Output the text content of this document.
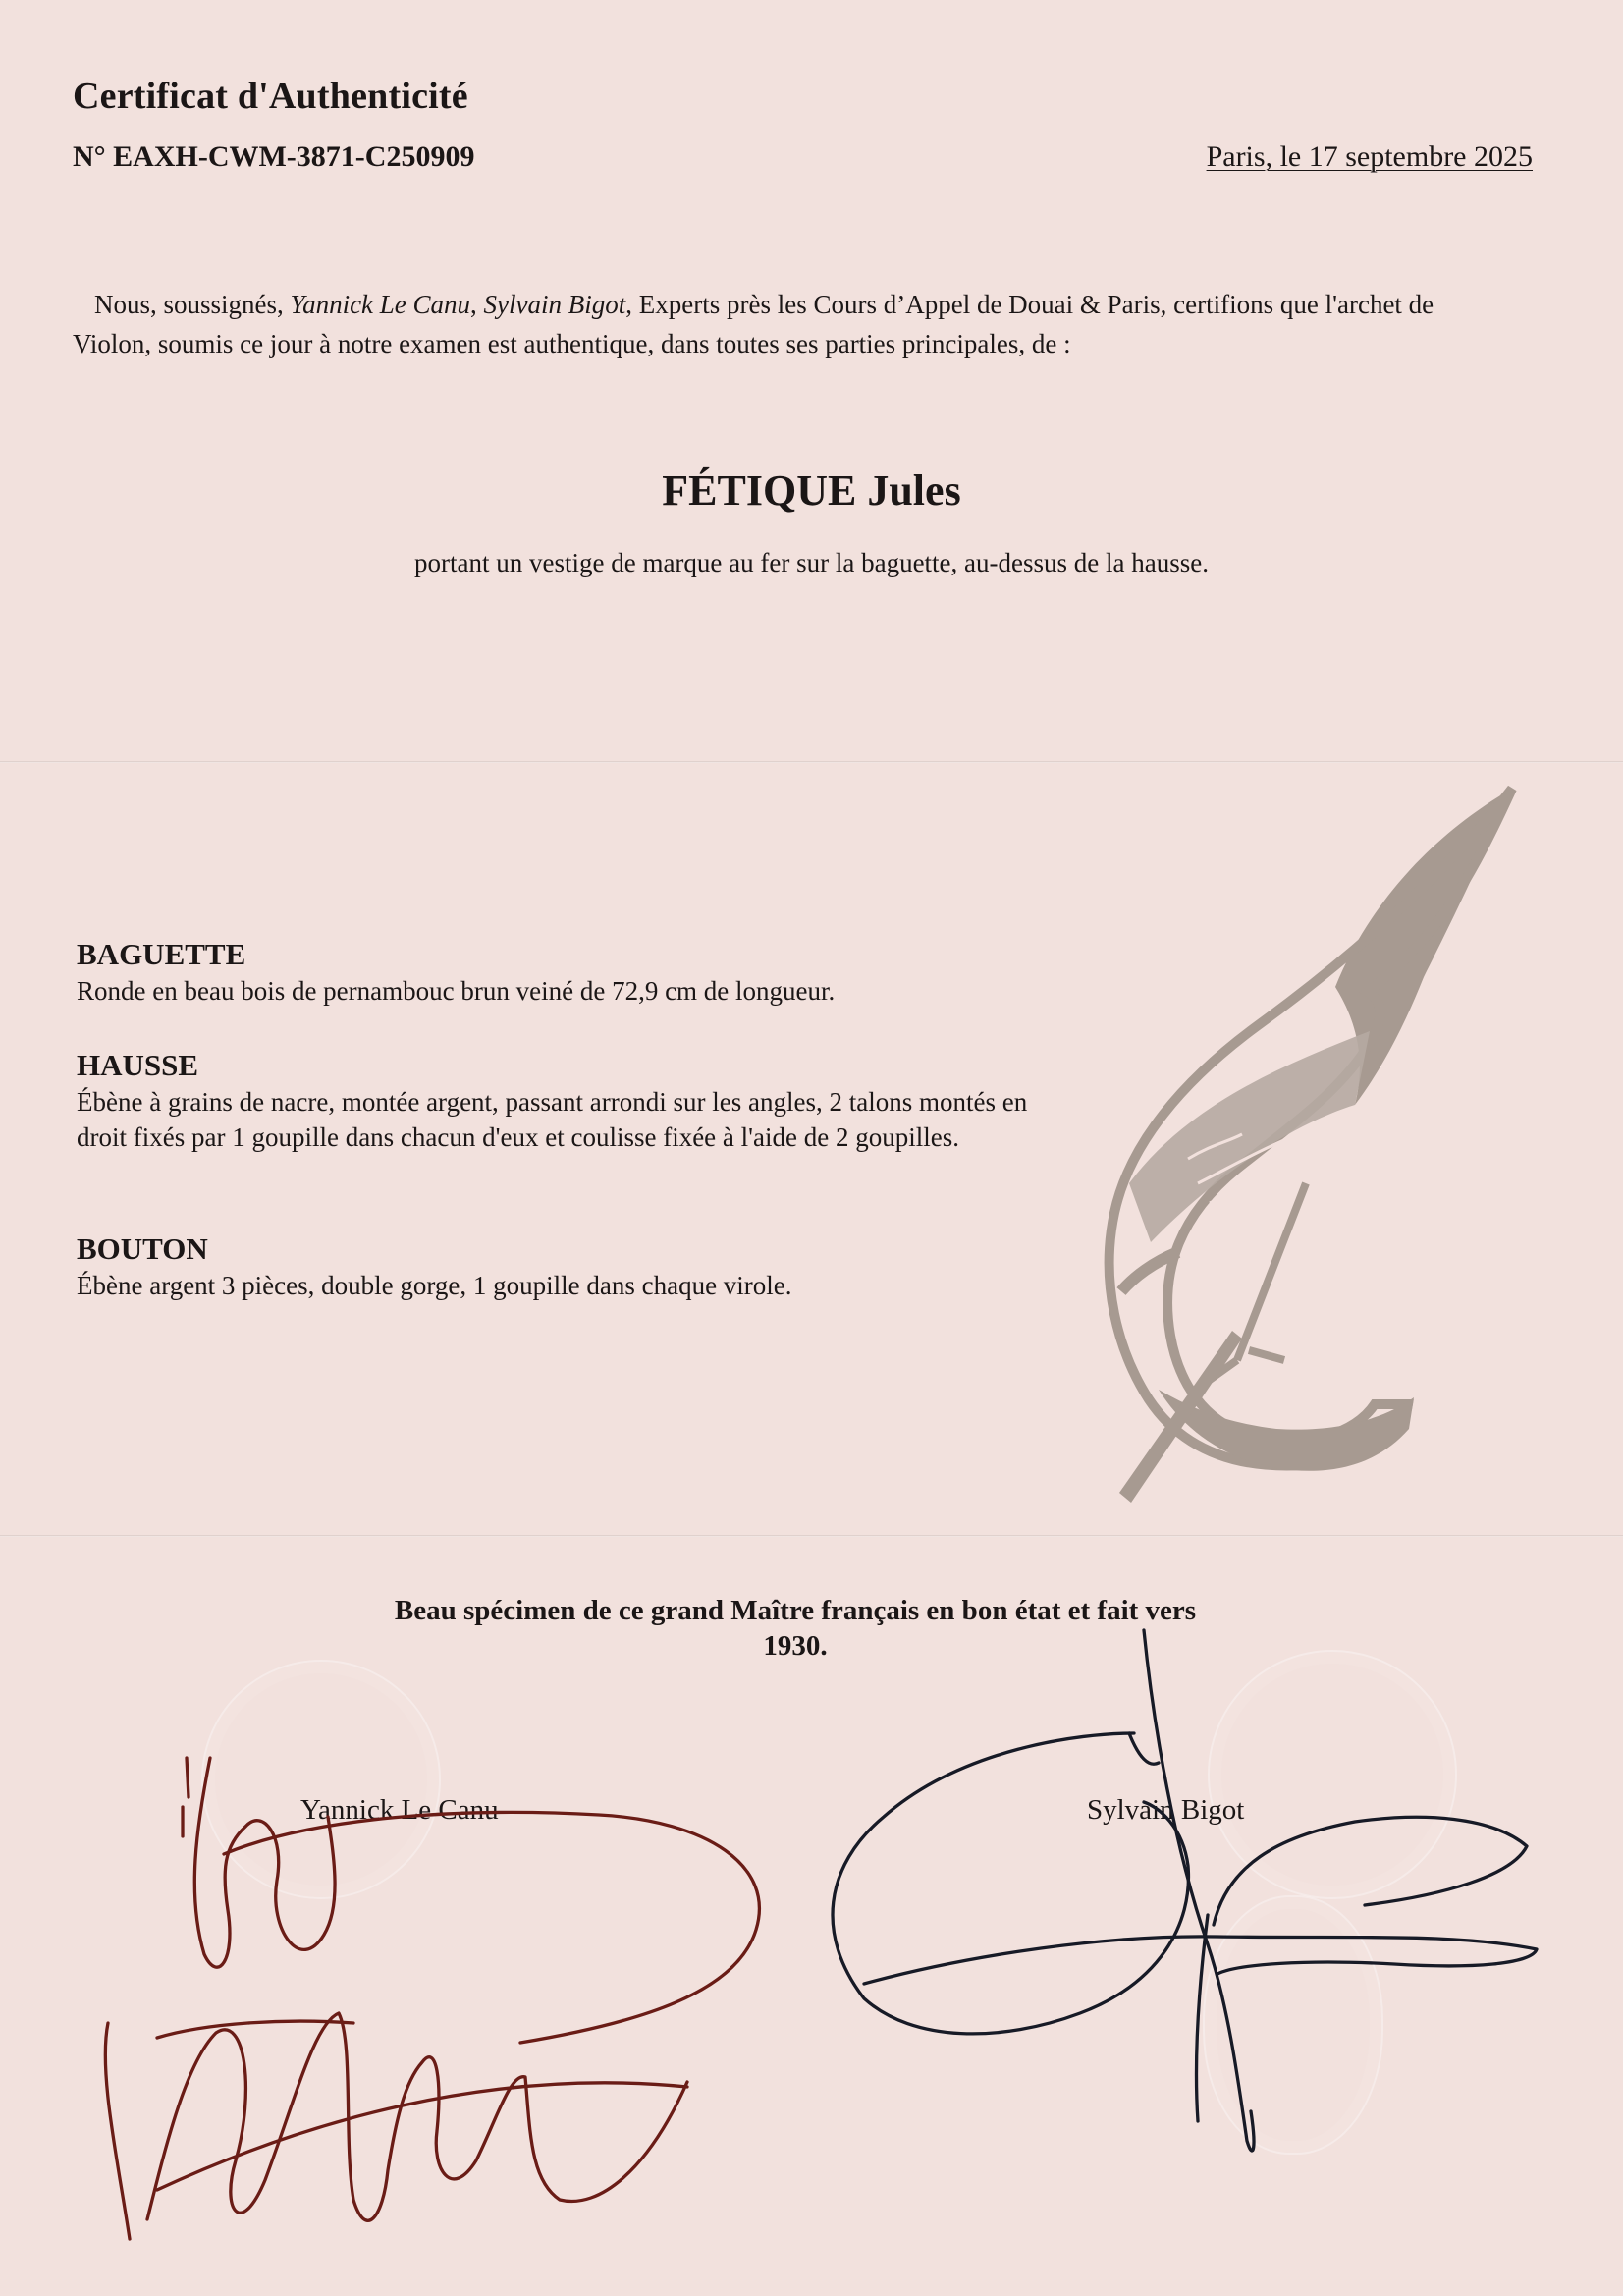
Certificat d'Authenticité
N° EAXH-CWM-3871-C250909	Paris, le 17 septembre 2025
Nous, soussignés, Yannick Le Canu, Sylvain Bigot, Experts près les Cours d’Appel de Douai & Paris, certifions que l'archet de Violon, soumis ce jour à notre examen est authentique, dans toutes ses parties principales, de :
FÉTIQUE Jules
portant un vestige de marque au fer sur la baguette, au-dessus de la hausse.
BAGUETTE

Ronde en beau bois de pernambouc brun veiné de 72,9 cm de longueur.

HAUSSE

Ébène à grains de nacre, montée argent, passant arrondi sur les angles, 2 talons montés en droit fixés par 1 goupille dans chacun d'eux et coulisse fixée à l'aide de 2 goupilles.

BOUTON

Ébène argent 3 pièces, double gorge, 1 goupille dans chaque virole.

Beau spécimen de ce grand Maître français en bon état et fait vers
1930.
Yannick Le Canu	Sylvain Bigot
